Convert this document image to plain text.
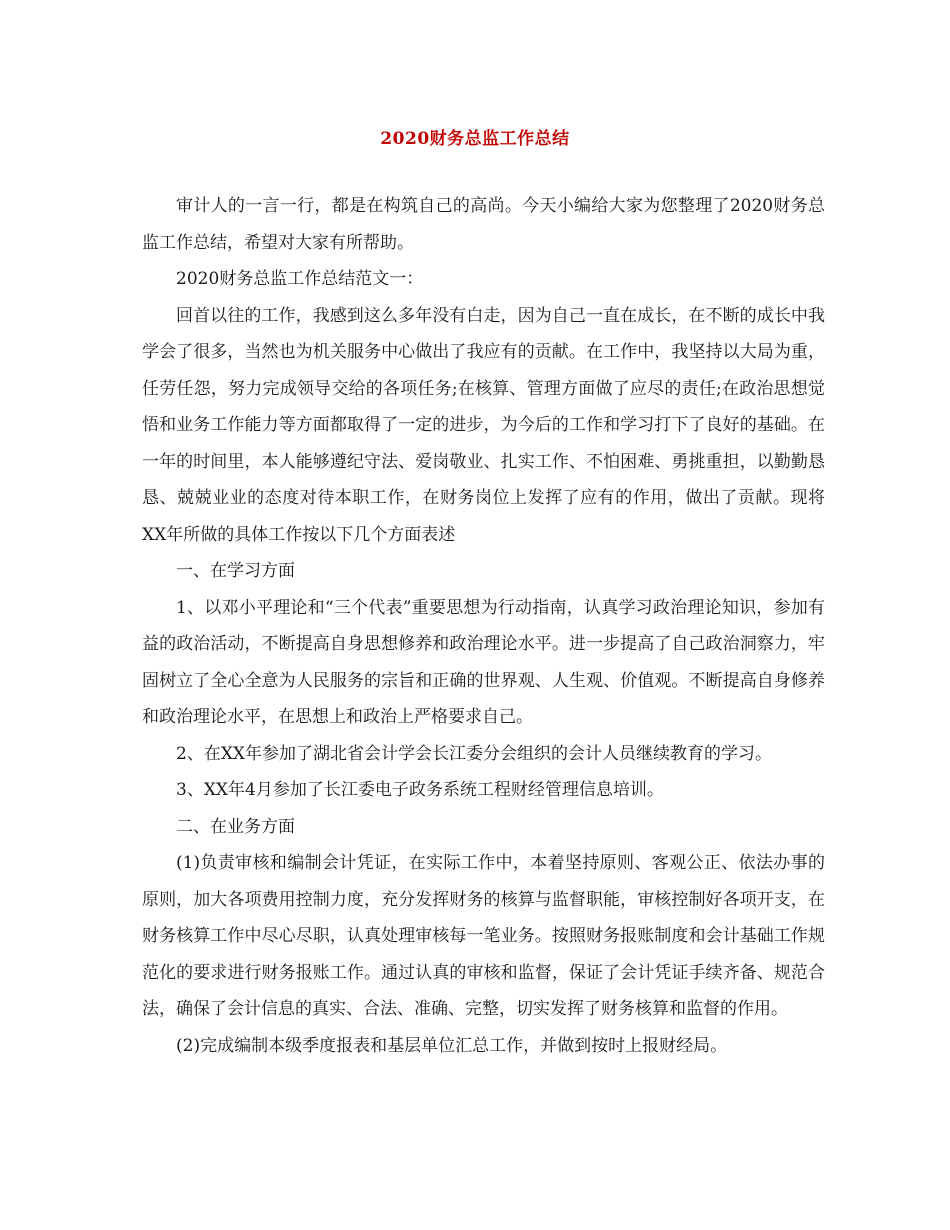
2020财务总监工作总结

审计人的一言一行，都是在构筑自己的高尚。今天小编给大家为您整理了2020财务总监工作总结，希望对大家有所帮助。

2020财务总监工作总结范文一：

回首以往的工作，我感到这么多年没有白走，因为自己一直在成长，在不断的成长中我学会了很多，当然也为机关服务中心做出了我应有的贡献。在工作中，我坚持以大局为重，任劳任怨，努力完成领导交给的各项任务;在核算、管理方面做了应尽的责任;在政治思想觉悟和业务工作能力等方面都取得了一定的进步，为今后的工作和学习打下了良好的基础。在一年的时间里，本人能够遵纪守法、爱岗敬业、扎实工作、不怕困难、勇挑重担，以勤勤恳恳、兢兢业业的态度对待本职工作，在财务岗位上发挥了应有的作用，做出了贡献。现将XX年所做的具体工作按以下几个方面表述

一、在学习方面

1、以邓小平理论和“三个代表”重要思想为行动指南，认真学习政治理论知识，参加有益的政治活动，不断提高自身思想修养和政治理论水平。进一步提高了自己政治洞察力，牢固树立了全心全意为人民服务的宗旨和正确的世界观、人生观、价值观。不断提高自身修养和政治理论水平，在思想上和政治上严格要求自己。

2、在XX年参加了湖北省会计学会长江委分会组织的会计人员继续教育的学习。

3、XX年4月参加了长江委电子政务系统工程财经管理信息培训。

二、在业务方面

(1)负责审核和编制会计凭证，在实际工作中，本着坚持原则、客观公正、依法办事的原则，加大各项费用控制力度，充分发挥财务的核算与监督职能，审核控制好各项开支，在财务核算工作中尽心尽职，认真处理审核每一笔业务。按照财务报账制度和会计基础工作规范化的要求进行财务报账工作。通过认真的审核和监督，保证了会计凭证手续齐备、规范合法，确保了会计信息的真实、合法、准确、完整，切实发挥了财务核算和监督的作用。

(2)完成编制本级季度报表和基层单位汇总工作，并做到按时上报财经局。
